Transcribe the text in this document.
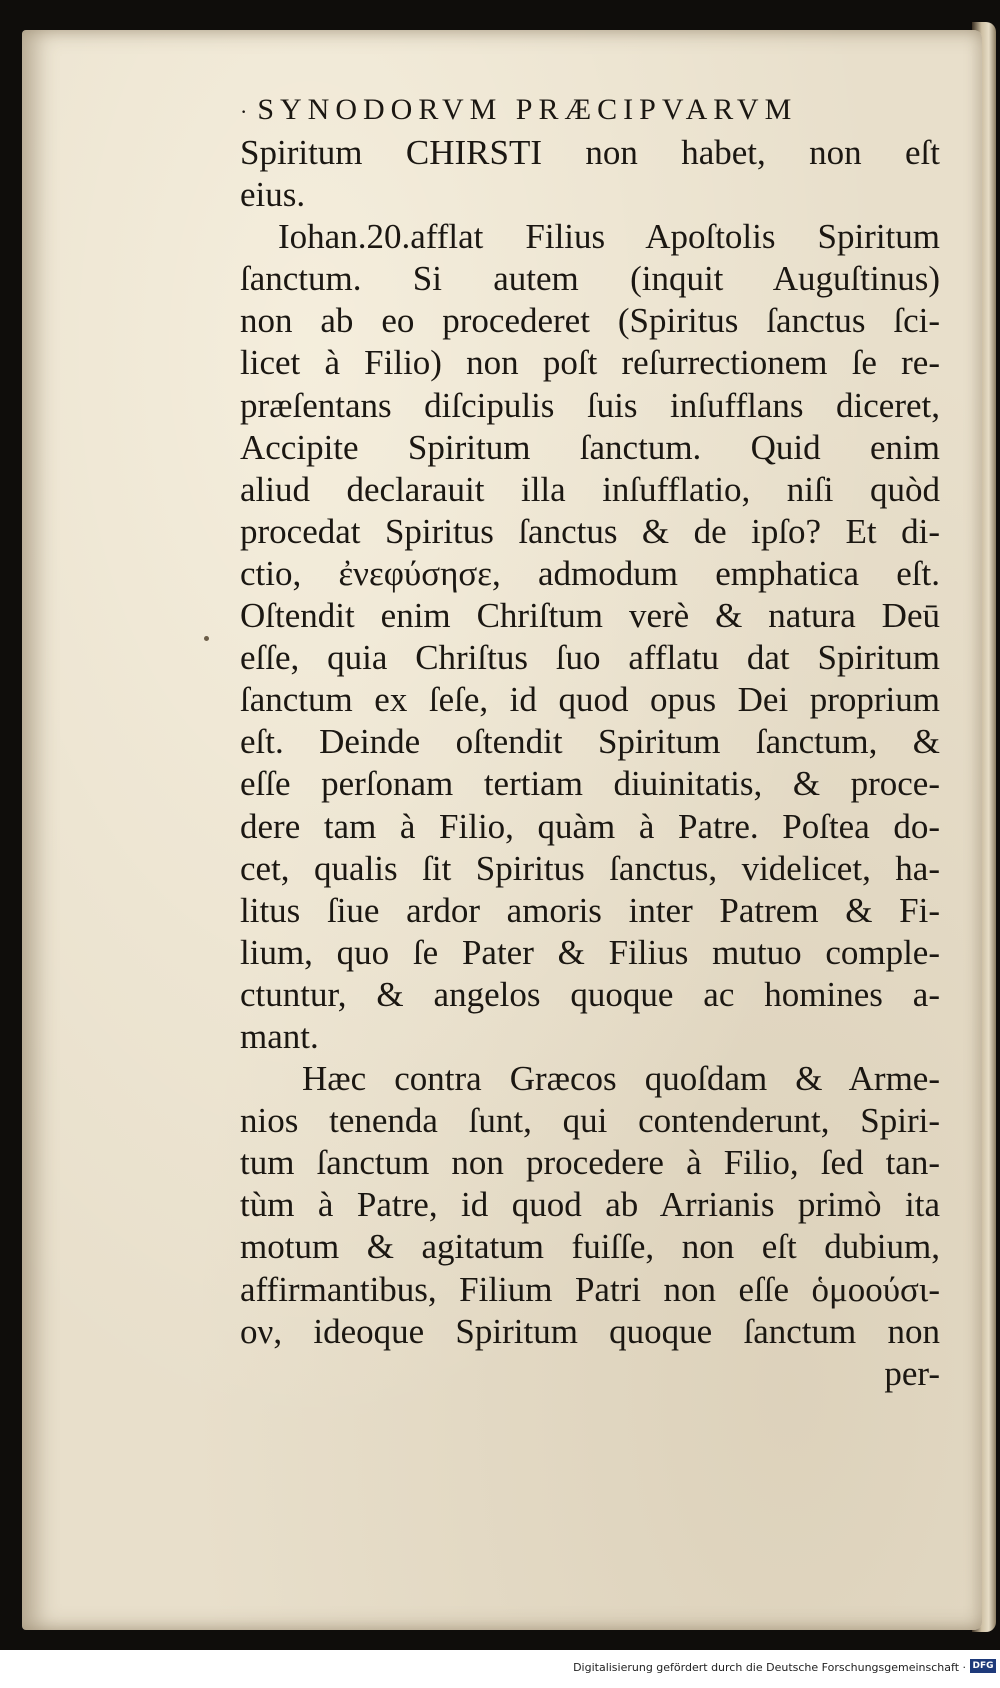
· SYNODORVM PRÆCIPVARVM
Spiritum CHIRSTI non habet, non eſt
eius.
Iohan.20.afflat Filius Apoſtolis Spiritum
ſanctum. Si autem (inquit Auguſtinus)
non ab eo procederet (Spiritus ſanctus ſci-
licet à Filio) non poſt reſurrectionem ſe re-
præſentans diſcipulis ſuis inſufflans diceret,
Accipite Spiritum ſanctum. Quid enim
aliud declarauit illa inſufflatio, niſi quòd
procedat Spiritus ſanctus & de ipſo? Et di-
ctio, ἐνεφύσησε, admodum emphatica eſt.
Oſtendit enim Chriſtum verè & natura Deū
eſſe, quia Chriſtus ſuo afflatu dat Spiritum
ſanctum ex ſeſe, id quod opus Dei proprium
eſt. Deinde oſtendit Spiritum ſanctum, &
eſſe perſonam tertiam diuinitatis, & proce-
dere tam à Filio, quàm à Patre. Poſtea do-
cet, qualis ſit Spiritus ſanctus, videlicet, ha-
litus ſiue ardor amoris inter Patrem & Fi-
lium, quo ſe Pater & Filius mutuo comple-
ctuntur, & angelos quoque ac homines a-
mant.
Hæc contra Græcos quoſdam & Arme-
nios tenenda ſunt, qui contenderunt, Spiri-
tum ſanctum non procedere à Filio, ſed tan-
tùm à Patre, id quod ab Arrianis primò ita
motum & agitatum fuiſſe, non eſt dubium,
affirmantibus, Filium Patri non eſſe ὁμοούσι-
ον, ideoque Spiritum quoque ſanctum non
per-
Digitalisierung gefördert durch die Deutsche Forschungsgemeinschaft · DFG
